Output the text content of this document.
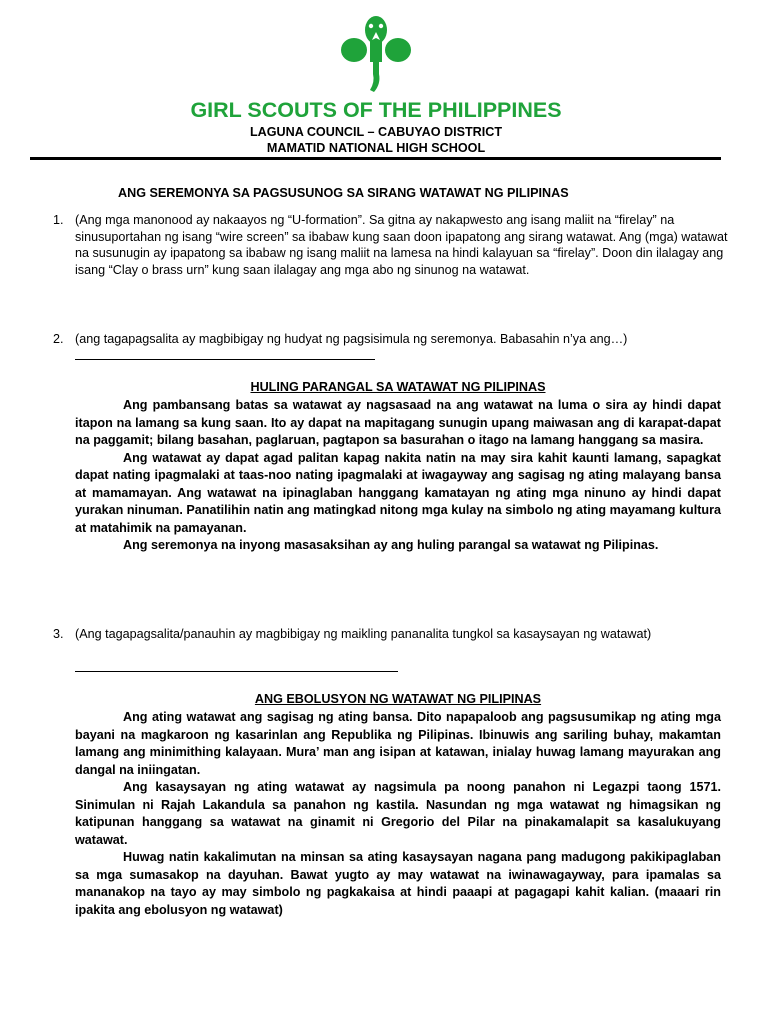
GIRL SCOUTS OF THE PHILIPPINES
LAGUNA COUNCIL – CABUYAO DISTRICT
MAMATID NATIONAL HIGH SCHOOL
ANG SEREMONYA SA PAGSUSUNOG SA SIRANG WATAWAT NG PILIPINAS
1. (Ang mga manonood ay nakaayos ng “U-formation”. Sa gitna ay nakapwesto ang isang maliit na “firelay” na sinusuportahan ng isang “wire screen” sa ibabaw kung saan doon ipapatong ang sirang watawat. Ang (mga) watawat na susunugin ay ipapatong sa ibabaw ng isang maliit na lamesa na hindi kalayuan sa “firelay”. Doon din ilalagay ang isang “Clay o brass urn” kung saan ilalagay ang mga abo ng sinunog na watawat.
2. (ang tagapagsalita ay magbibigay ng hudyat ng pagsisimula ng seremonya. Babasahin n’ya ang…)
HULING PARANGAL SA WATAWAT NG PILIPINAS

Ang pambansang batas sa watawat ay nagsasaad na ang watawat na luma o sira ay hindi dapat itapon na lamang sa kung saan. Ito ay dapat na mapitagang sunugin upang maiwasan ang di karapat-dapat na paggamit; bilang basahan, paglaruan, pagtapon sa basurahan o itago na lamang hanggang sa masira.

Ang watawat ay dapat agad palitan kapag nakita natin na may sira kahit kaunti lamang, sapagkat dapat nating ipagmalaki at taas-noo nating ipagmalaki at iwagayway ang sagisag ng ating malayang bansa at mamamayan. Ang watawat na ipinaglaban hanggang kamatayan ng ating mga ninuno ay hindi dapat yurakan ninuman. Panatilihin natin ang matingkad nitong mga kulay na simbolo ng ating mayamang kultura at matahimik na pamayanan.

Ang seremonya na inyong masasaksihan ay ang huling parangal sa watawat ng Pilipinas.

3. (Ang tagapagsalita/panauhin ay magbibigay ng maikling pananalita tungkol sa kasaysayan ng watawat)
ANG EBOLUSYON NG WATAWAT NG PILIPINAS

Ang ating watawat ang sagisag ng ating bansa. Dito napapaloob ang pagsusumikap ng ating mga bayani na magkaroon ng kasarinlan ang Republika ng Pilipinas. Ibinuwis ang sariling buhay, makamtan lamang ang minimithing kalayaan. Mura’ man ang isipan at katawan, inialay huwag lamang mayurakan ang dangal na iniingatan.

Ang kasaysayan ng ating watawat ay nagsimula pa noong panahon ni Legazpi taong 1571. Sinimulan ni Rajah Lakandula sa panahon ng kastila. Nasundan ng mga watawat ng himagsikan ng katipunan hanggang sa watawat na ginamit ni Gregorio del Pilar na pinakamalapit sa kasalukuyang watawat.

Huwag natin kakalimutan na minsan sa ating kasaysayan nagana pang madugong pakikipaglaban sa mga sumasakop na dayuhan. Bawat yugto ay may watawat na iwinawagayway, para ipamalas sa mananakop na tayo ay may simbolo ng pagkakaisa at hindi paaapi at pagagapi kahit kalian. (maaari rin ipakita ang ebolusyon ng watawat)
